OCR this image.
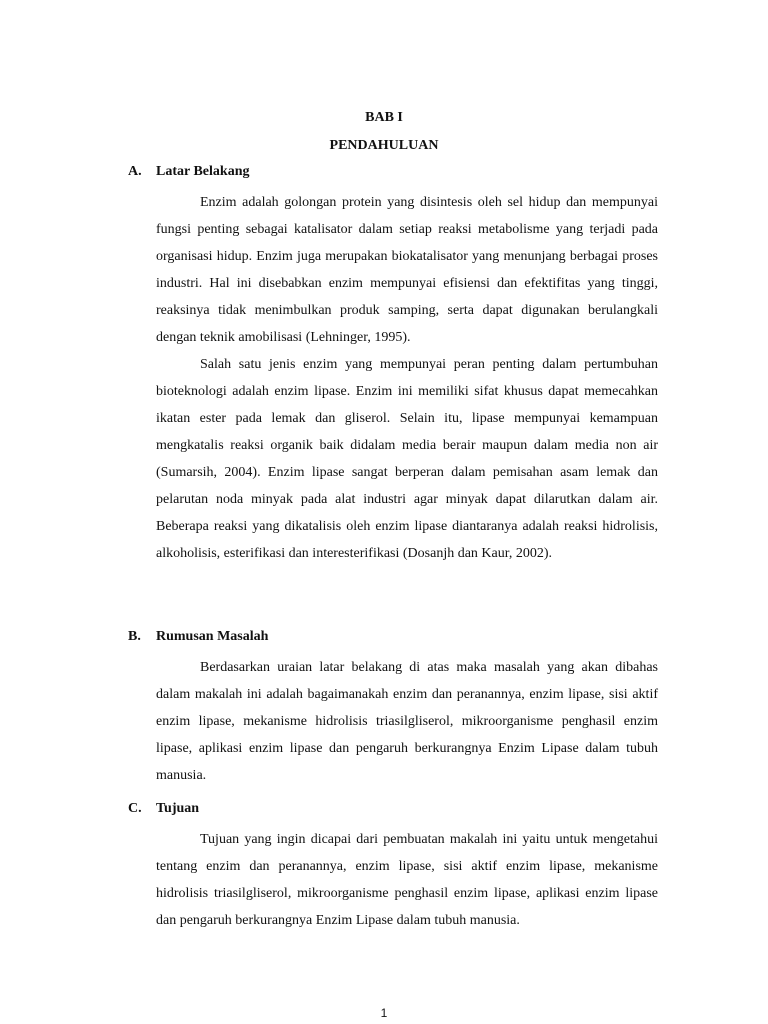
BAB I
PENDAHULUAN
A.	Latar Belakang

Enzim adalah golongan protein yang disintesis oleh sel hidup dan mempunyai fungsi penting sebagai katalisator dalam setiap reaksi metabolisme yang terjadi pada organisasi hidup. Enzim juga merupakan biokatalisator yang menunjang berbagai proses industri. Hal ini disebabkan enzim mempunyai efisiensi dan efektifitas yang tinggi, reaksinya tidak menimbulkan produk samping, serta dapat digunakan berulangkali dengan teknik amobilisasi (Lehninger, 1995).

Salah satu jenis enzim yang mempunyai peran penting dalam pertumbuhan bioteknologi adalah enzim lipase. Enzim ini memiliki sifat khusus dapat memecahkan ikatan ester pada lemak dan gliserol. Selain itu, lipase mempunyai kemampuan mengkatalis reaksi organik baik didalam media berair maupun dalam media non air (Sumarsih, 2004). Enzim lipase sangat berperan dalam pemisahan asam lemak dan pelarutan noda minyak pada alat industri agar minyak dapat dilarutkan dalam air. Beberapa reaksi yang dikatalisis oleh enzim lipase diantaranya adalah reaksi hidrolisis, alkoholisis, esterifikasi dan interesterifikasi (Dosanjh dan Kaur, 2002).

B.	Rumusan Masalah

Berdasarkan uraian latar belakang di atas maka masalah yang akan dibahas dalam makalah ini adalah bagaimanakah enzim dan peranannya, enzim lipase, sisi aktif enzim lipase, mekanisme hidrolisis triasilgliserol, mikroorganisme penghasil enzim lipase, aplikasi enzim lipase dan pengaruh berkurangnya Enzim Lipase dalam tubuh manusia.

C.	Tujuan

Tujuan yang ingin dicapai dari pembuatan makalah ini yaitu untuk mengetahui tentang enzim dan peranannya, enzim lipase, sisi aktif enzim lipase, mekanisme hidrolisis triasilgliserol, mikroorganisme penghasil enzim lipase, aplikasi enzim lipase dan pengaruh berkurangnya Enzim Lipase dalam tubuh manusia.

1
